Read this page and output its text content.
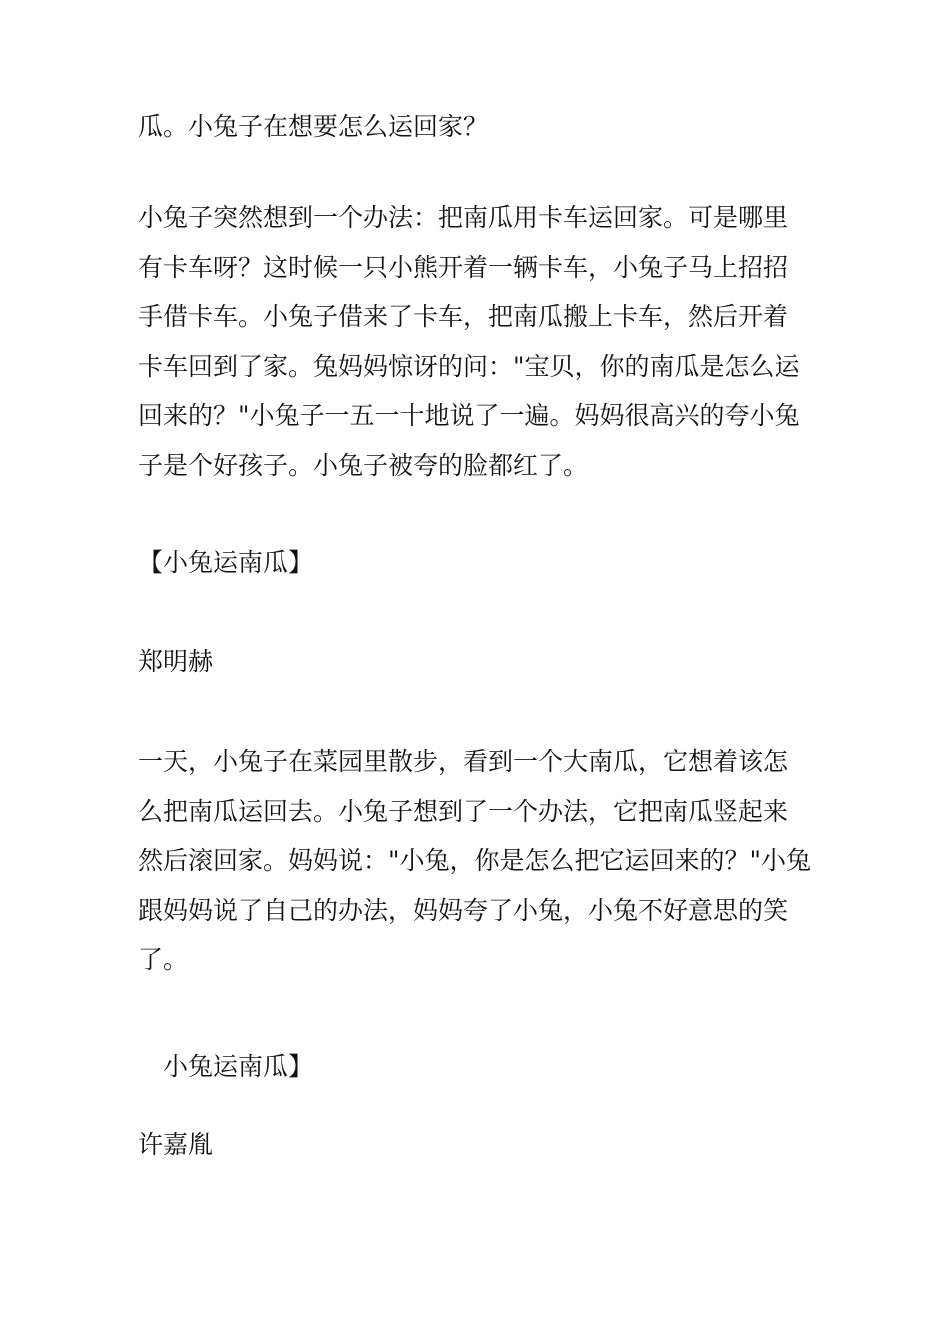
瓜。小兔子在想要怎么运回家？
小兔子突然想到一个办法：把南瓜用卡车运回家。可是哪里
有卡车呀？这时候一只小熊开着一辆卡车，小兔子马上招招
手借卡车。小兔子借来了卡车，把南瓜搬上卡车，然后开着
卡车回到了家。兔妈妈惊讶的问："宝贝，你的南瓜是怎么运
回来的？"小兔子一五一十地说了一遍。妈妈很高兴的夸小兔
子是个好孩子。小兔子被夸的脸都红了。
【小兔运南瓜】
郑明赫
一天，小兔子在菜园里散步，看到一个大南瓜，它想着该怎
么把南瓜运回去。小兔子想到了一个办法，它把南瓜竖起来
然后滚回家。妈妈说："小兔，你是怎么把它运回来的？"小兔
跟妈妈说了自己的办法，妈妈夸了小兔，小兔不好意思的笑
了。
　小兔运南瓜】
许嘉胤
